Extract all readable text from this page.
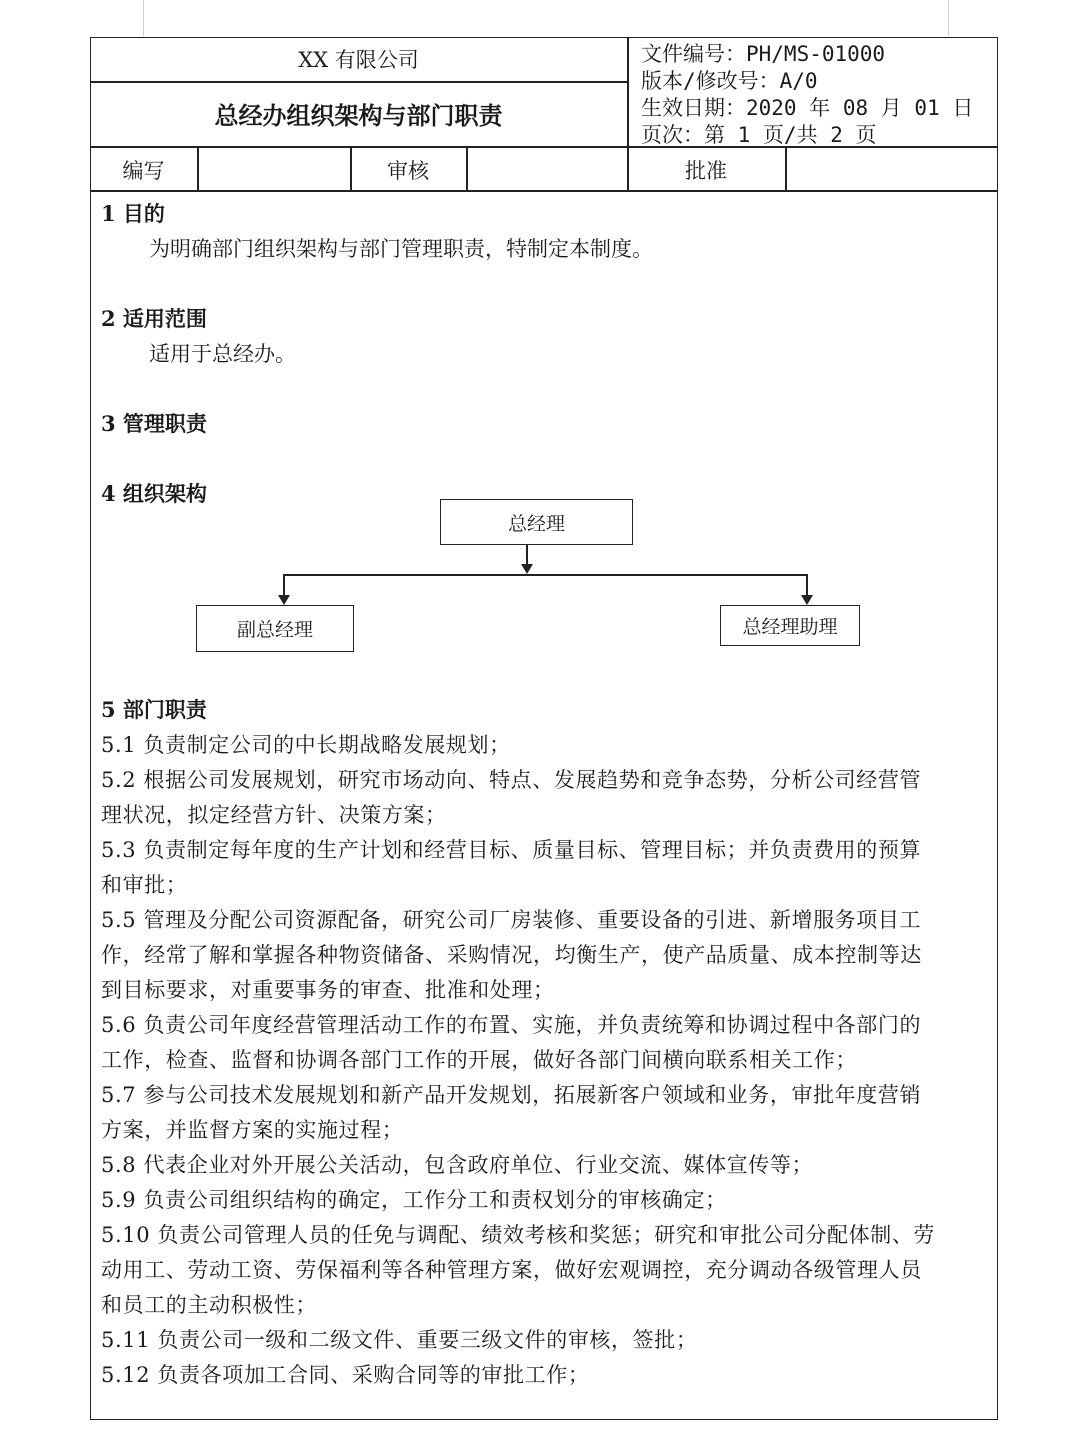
XX 有限公司
总经办组织架构与部门职责
文件编号：PH/MS-01000
版本/修改号：A/0
生效日期：2020 年 08 月 01 日
页次：第 1 页/共 2 页
编写	审核	批准
1 目的
为明确部门组织架构与部门管理职责，特制定本制度。
2 适用范围
适用于总经办。
3 管理职责
4 组织架构
总经理
副总经理	总经理助理
5 部门职责
5.1 负责制定公司的中长期战略发展规划；
5.2 根据公司发展规划，研究市场动向、特点、发展趋势和竞争态势，分析公司经营管
理状况，拟定经营方针、决策方案；
5.3 负责制定每年度的生产计划和经营目标、质量目标、管理目标；并负责费用的预算
和审批；
5.5 管理及分配公司资源配备，研究公司厂房装修、重要设备的引进、新增服务项目工
作，经常了解和掌握各种物资储备、采购情况，均衡生产，使产品质量、成本控制等达
到目标要求，对重要事务的审查、批准和处理；
5.6 负责公司年度经营管理活动工作的布置、实施，并负责统筹和协调过程中各部门的
工作，检查、监督和协调各部门工作的开展，做好各部门间横向联系相关工作；
5.7 参与公司技术发展规划和新产品开发规划，拓展新客户领域和业务，审批年度营销
方案，并监督方案的实施过程；
5.8 代表企业对外开展公关活动，包含政府单位、行业交流、媒体宣传等；
5.9 负责公司组织结构的确定，工作分工和责权划分的审核确定；
5.10 负责公司管理人员的任免与调配、绩效考核和奖惩；研究和审批公司分配体制、劳
动用工、劳动工资、劳保福利等各种管理方案，做好宏观调控，充分调动各级管理人员
和员工的主动积极性；
5.11 负责公司一级和二级文件、重要三级文件的审核，签批；
5.12 负责各项加工合同、采购合同等的审批工作；
